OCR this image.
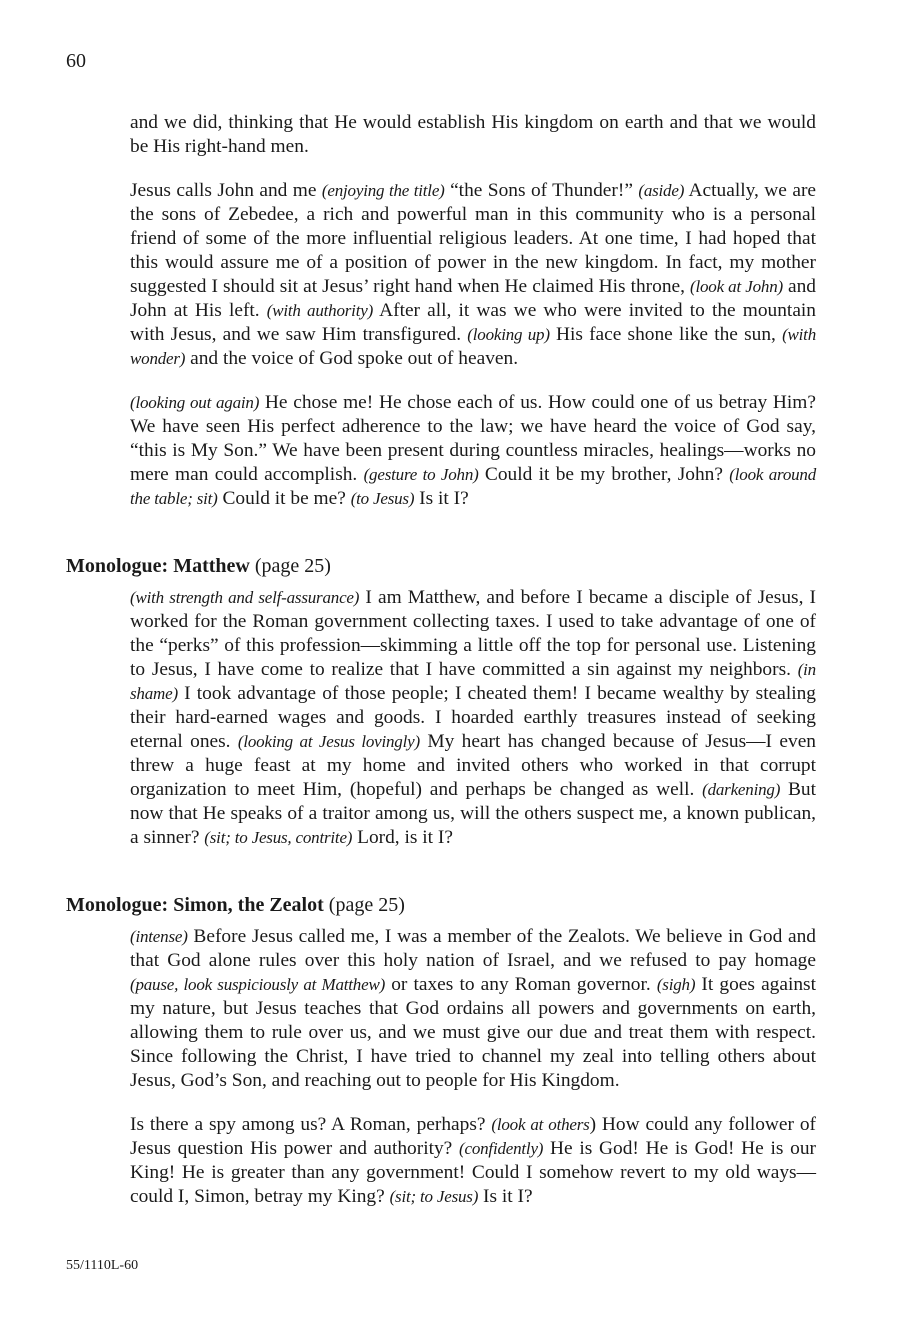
60

and we did, thinking that He would establish His kingdom on earth and that we would be His right-hand men.

Jesus calls John and me (enjoying the title) “the Sons of Thunder!” (aside) Actually, we are the sons of Zebedee, a rich and powerful man in this community who is a personal friend of some of the more influential religious leaders. At one time, I had hoped that this would assure me of a position of power in the new kingdom. In fact, my mother suggested I should sit at Jesus’ right hand when He claimed His throne, (look at John) and John at His left. (with authority) After all, it was we who were invited to the mountain with Jesus, and we saw Him transfigured. (looking up) His face shone like the sun, (with wonder) and the voice of God spoke out of heaven.

(looking out again) He chose me! He chose each of us. How could one of us betray Him? We have seen His perfect adherence to the law; we have heard the voice of God say, “this is My Son.” We have been present during countless miracles, healings—works no mere man could accomplish. (gesture to John) Could it be my brother, John? (look around the table; sit) Could it be me? (to Jesus) Is it I?

Monologue: Matthew (page 25)

(with strength and self-assurance) I am Matthew, and before I became a disciple of Jesus, I worked for the Roman government collecting taxes. I used to take advantage of one of the “perks” of this profession—skimming a little off the top for personal use. Listening to Jesus, I have come to realize that I have committed a sin against my neighbors. (in shame) I took advantage of those people; I cheated them! I became wealthy by stealing their hard-earned wages and goods. I hoarded earthly treasures instead of seeking eternal ones. (looking at Jesus lovingly) My heart has changed because of Jesus—I even threw a huge feast at my home and invited others who worked in that corrupt organization to meet Him, (hopeful) and perhaps be changed as well. (darkening) But now that He speaks of a traitor among us, will the others suspect me, a known publican, a sinner? (sit; to Jesus, contrite) Lord, is it I?

Monologue: Simon, the Zealot (page 25)

(intense) Before Jesus called me, I was a member of the Zealots. We believe in God and that God alone rules over this holy nation of Israel, and we refused to pay homage (pause, look suspiciously at Matthew) or taxes to any Roman governor. (sigh) It goes against my nature, but Jesus teaches that God ordains all powers and governments on earth, allowing them to rule over us, and we must give our due and treat them with respect. Since following the Christ, I have tried to channel my zeal into telling others about Jesus, God’s Son, and reaching out to people for His Kingdom.

Is there a spy among us? A Roman, perhaps? (look at others) How could any follower of Jesus question His power and authority? (confidently) He is God! He is God! He is our King! He is greater than any government! Could I somehow revert to my old ways—could I, Simon, betray my King? (sit; to Jesus) Is it I?

55/1110L-60
